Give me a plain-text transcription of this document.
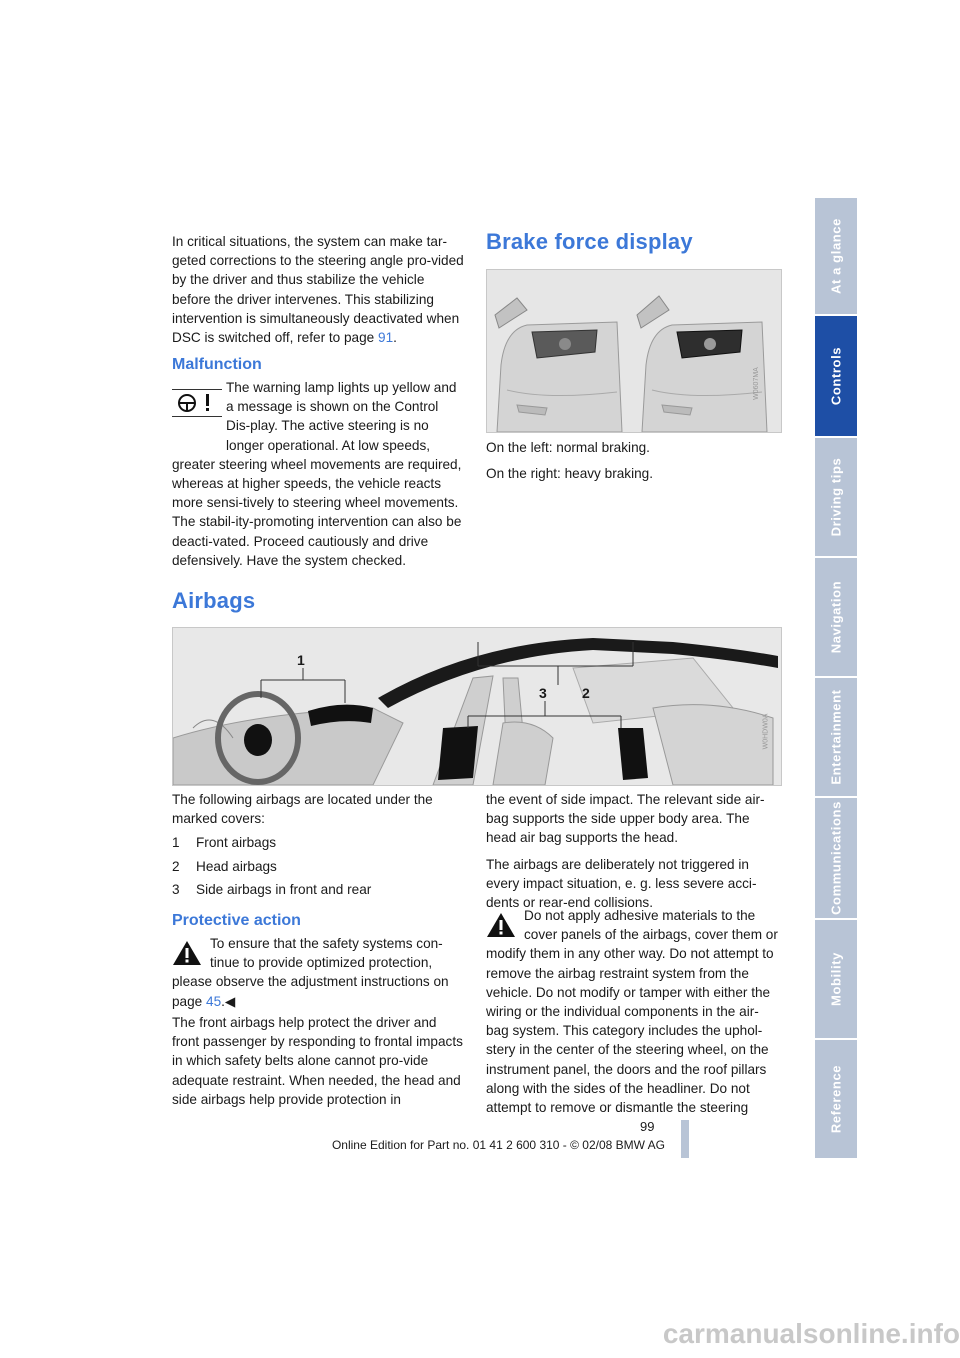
At a glance
Controls
Driving tips
Navigation
Entertainment
Communications
Mobility
Reference
In critical situations, the system can make tar-geted corrections to the steering angle pro-vided by the driver and thus stabilize the vehicle before the driver intervenes. This stabilizing intervention is simultaneously deactivated when DSC is switched off, refer to page 91.
Malfunction
The warning lamp lights up yellow and a message is shown on the Control Dis-play. The active steering is no longer operational. At low speeds, greater steering wheel movements are required, whereas at higher speeds, the vehicle reacts more sensi-tively to steering wheel movements. The stabil-ity-promoting intervention can also be deacti-vated. Proceed cautiously and drive defensively. Have the system checked.
Brake force display
W0607MA

On the left: normal braking.

On the right: heavy braking.

Airbags
1
3	2
W0HDW0A

The following airbags are located under the marked covers:

1	Front airbags
2	Head airbags
3	Side airbags in front and rear
Protective action
To ensure that the safety systems con-tinue to provide optimized protection, please observe the adjustment instructions on page 45.◀
The front airbags help protect the driver and front passenger by responding to frontal impacts in which safety belts alone cannot pro-vide adequate restraint. When needed, the head and side airbags help provide protection in

the event of side impact. The relevant side air-bag supports the side upper body area. The head air bag supports the head.

The airbags are deliberately not triggered in every impact situation, e. g. less severe acci-dents or rear-end collisions.

Do not apply adhesive materials to the cover panels of the airbags, cover them or modify them in any other way. Do not attempt to remove the airbag restraint system from the vehicle. Do not modify or tamper with either the wiring or the individual components in the air-bag system. This category includes the uphol-stery in the center of the steering wheel, on the instrument panel, the doors and the roof pillars along with the sides of the headliner. Do not attempt to remove or dismantle the steering
99
Online Edition for Part no. 01 41 2 600 310 - © 02/08 BMW AG
carmanualsonline.info
